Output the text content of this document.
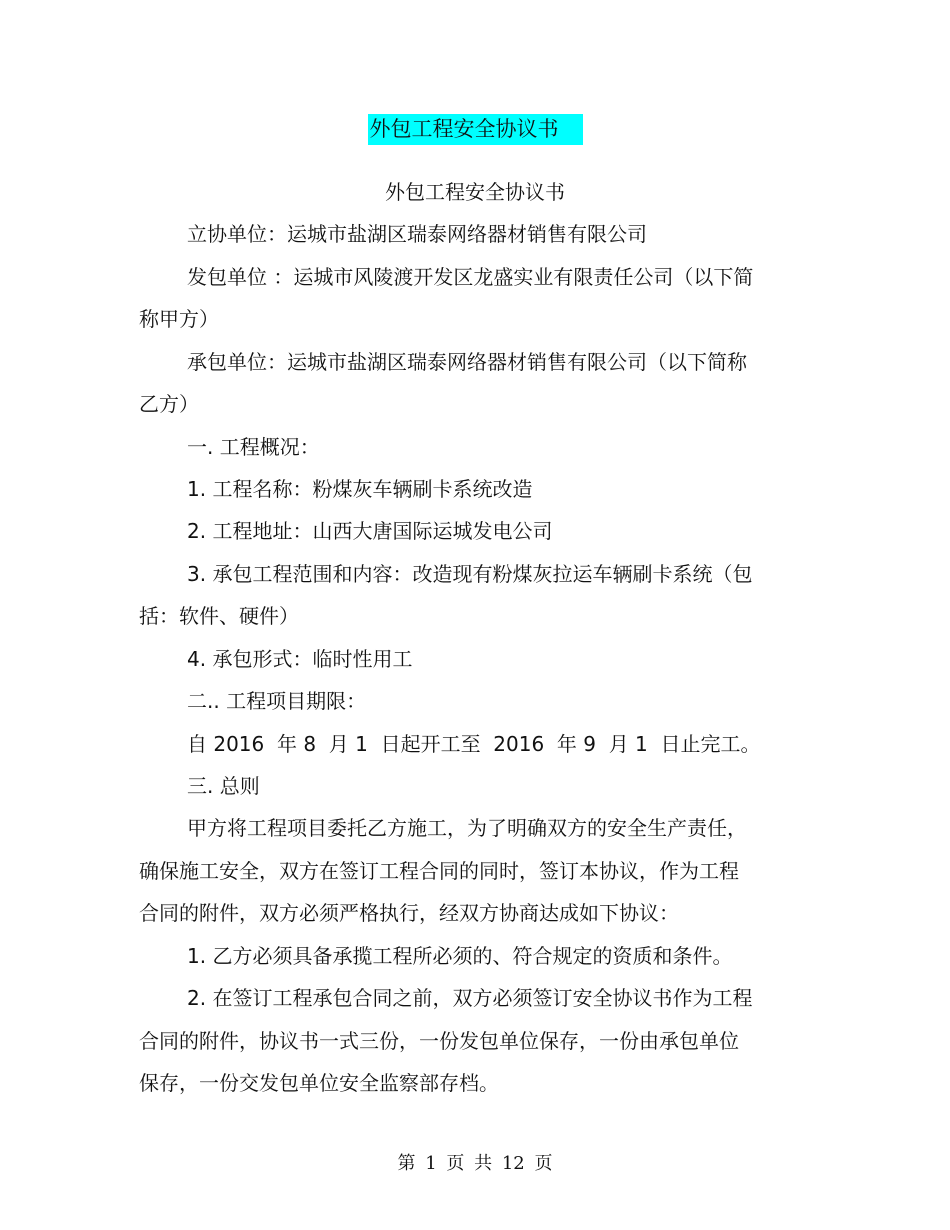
外包工程安全协议书
外包工程安全协议书
立协单位：运城市盐湖区瑞泰网络器材销售有限公司
发包单位 ：运城市风陵渡开发区龙盛实业有限责任公司（以下简
称甲方）
承包单位：运城市盐湖区瑞泰网络器材销售有限公司（以下简称
乙方）
一. 工程概况：
1. 工程名称：粉煤灰车辆刷卡系统改造
2. 工程地址：山西大唐国际运城发电公司
3. 承包工程范围和内容：改造现有粉煤灰拉运车辆刷卡系统（包
括：软件、硬件）
4. 承包形式：临时性用工
二.. 工程项目期限：
自 2016  年 8  月 1  日起开工至  2016  年 9  月 1  日止完工。
三. 总则
甲方将工程项目委托乙方施工，为了明确双方的安全生产责任，
确保施工安全，双方在签订工程合同的同时，签订本协议，作为工程
合同的附件，双方必须严格执行，经双方协商达成如下协议：
1. 乙方必须具备承揽工程所必须的、符合规定的资质和条件。
2. 在签订工程承包合同之前，双方必须签订安全协议书作为工程
合同的附件，协议书一式三份，一份发包单位保存，一份由承包单位
保存，一份交发包单位安全监察部存档。
第 1 页 共 12 页
